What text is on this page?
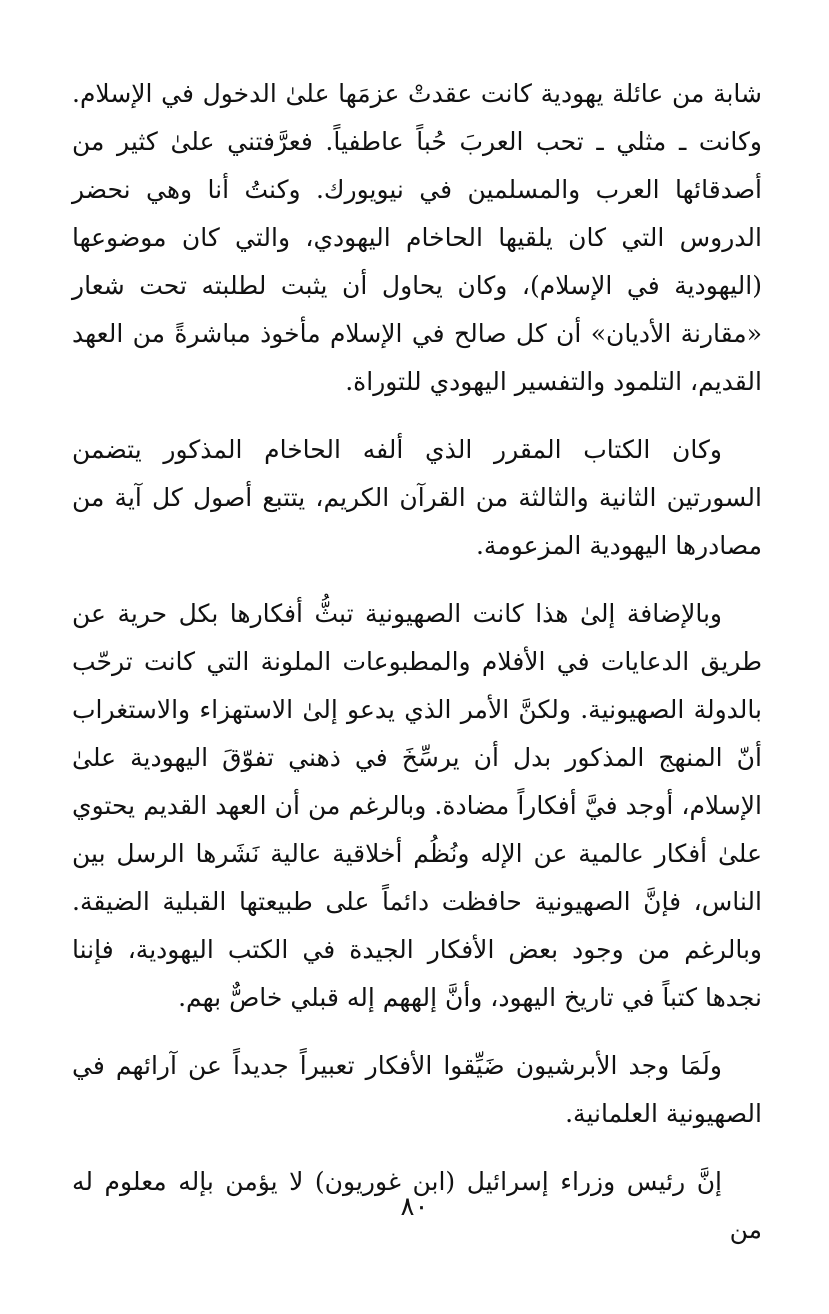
شابة من عائلة يهودية كانت عقدتْ عزمَها علىٰ الدخول في الإسلام. وكانت ـ مثلي ـ تحب العربَ حُباً عاطفياً. فعرَّفتني علىٰ كثير من أصدقائها العرب والمسلمين في نيويورك. وكنتُ أنا وهي نحضر الدروس التي كان يلقيها الحاخام اليهودي، والتي كان موضوعها (اليهودية في الإسلام)، وكان يحاول أن يثبت لطلبته تحت شعار «مقارنة الأديان» أن كل صالح في الإسلام مأخوذ مباشرةً من العهد القديم، التلمود والتفسير اليهودي للتوراة.

وكان الكتاب المقرر الذي ألفه الحاخام المذكور يتضمن السورتين الثانية والثالثة من القرآن الكريم، يتتبع أصول كل آية من مصادرها اليهودية المزعومة.

وبالإضافة إلىٰ هذا كانت الصهيونية تبثُّ أفكارها بكل حرية عن طريق الدعايات في الأفلام والمطبوعات الملونة التي كانت ترحّب بالدولة الصهيونية. ولكنَّ الأمر الذي يدعو إلىٰ الاستهزاء والاستغراب أنّ المنهج المذكور بدل أن يرسِّخَ في ذهني تفوّقَ اليهودية علىٰ الإسلام، أوجد فيَّ أفكاراً مضادة. وبالرغم من أن العهد القديم يحتوي علىٰ أفكار عالمية عن الإله ونُظُم أخلاقية عالية نَشَرها الرسل بين الناس، فإنَّ الصهيونية حافظت دائماً على طبيعتها القبلية الضيقة. وبالرغم من وجود بعض الأفكار الجيدة في الكتب اليهودية، فإننا نجدها كتباً في تاريخ اليهود، وأنَّ إلههم إله قبلي خاصٌّ بهم.

ولَمَا وجد الأبرشيون ضَيِّقوا الأفكار تعبيراً جديداً عن آرائهم في الصهيونية العلمانية.

إنَّ رئيس وزراء إسرائيل (ابن غوريون) لا يؤمن بإله معلوم له من

٨٠
